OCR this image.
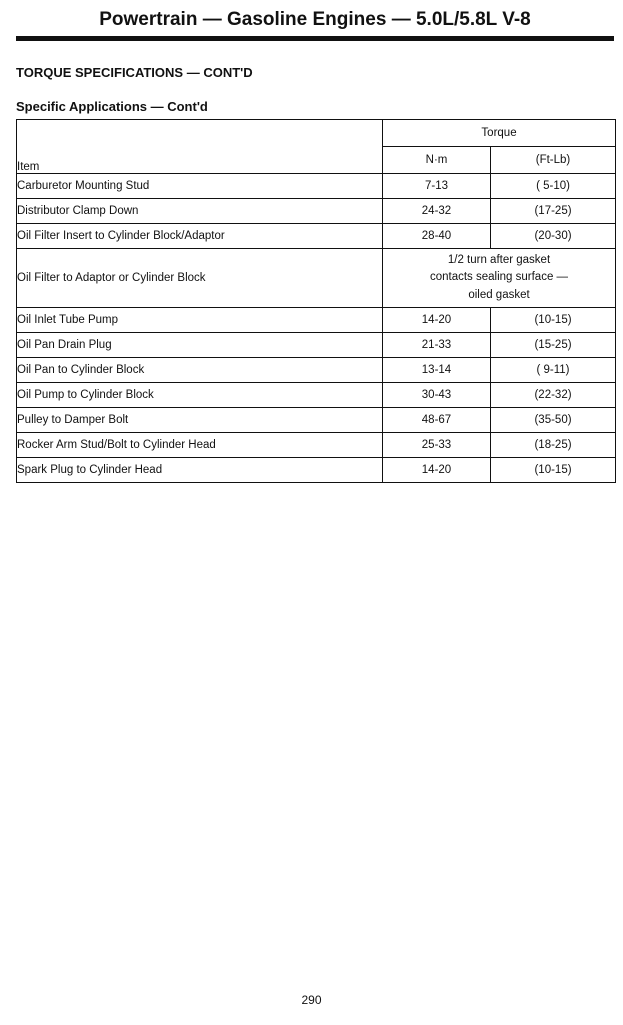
Powertrain — Gasoline Engines — 5.0L/5.8L V-8
TORQUE SPECIFICATIONS — CONT'D
Specific Applications — Cont'd
Item	Torque	
	N·m	(Ft-Lb)
Carburetor Mounting Stud	7-13	( 5-10)
Distributor Clamp Down	24-32	(17-25)
Oil Filter Insert to Cylinder Block/Adaptor	28-40	(20-30)
Oil Filter to Adaptor or Cylinder Block	1/2 turn after gasket
contacts sealing surface —
oiled gasket	

Oil Inlet Tube Pump	14-20	(10-15)
Oil Pan Drain Plug	21-33	(15-25)
Oil Pan to Cylinder Block	13-14	( 9-11)
Oil Pump to Cylinder Block	30-43	(22-32)
Pulley to Damper Bolt	48-67	(35-50)
Rocker Arm Stud/Bolt to Cylinder Head	25-33	(18-25)
Spark Plug to Cylinder Head	14-20	(10-15)
290
